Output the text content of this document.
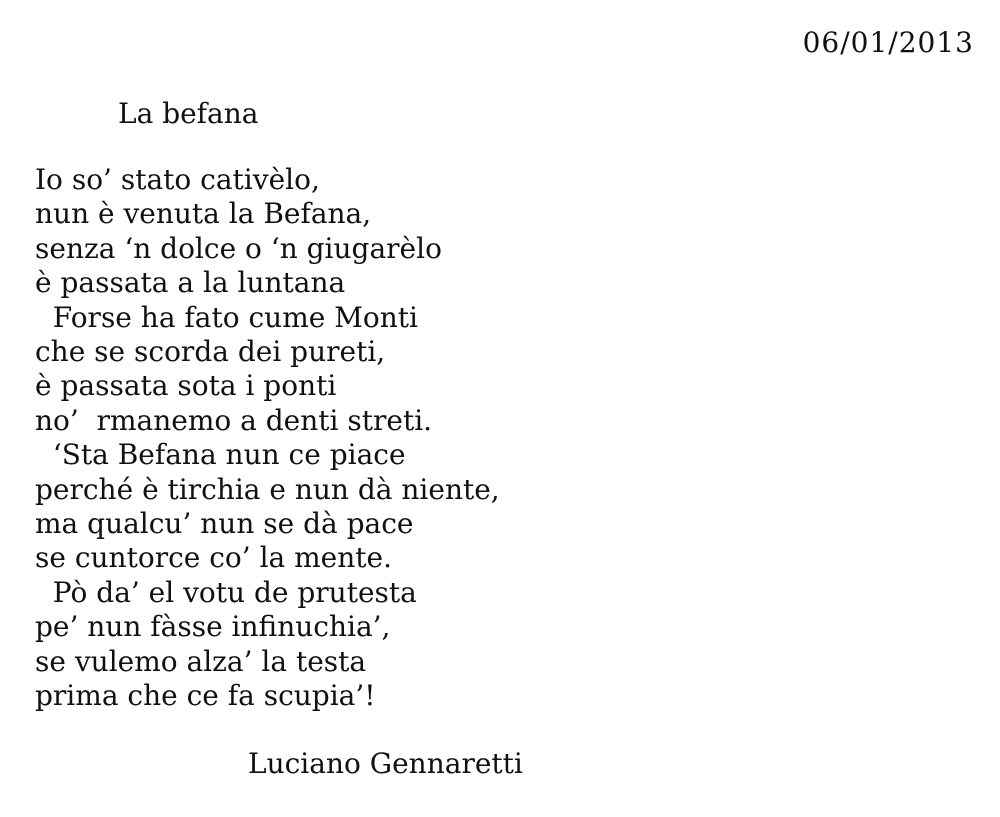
06/01/2013
La befana
Io so’ stato cativèlo,
nun è venuta la Befana,
senza ‘n dolce o ‘n giugarèlo
è passata a la luntana
Forse ha fato cume Monti
che se scorda dei pureti,
è passata sota i ponti
no’  rmanemo a denti streti.
‘Sta Befana nun ce piace
perché è tirchia e nun dà niente,
ma qualcu’ nun se dà pace
se cuntorce co’ la mente.
Pò da’ el votu de prutesta
pe’ nun fàsse infinuchia’,
se vulemo alza’ la testa
prima che ce fa scupia’!
Luciano Gennaretti
